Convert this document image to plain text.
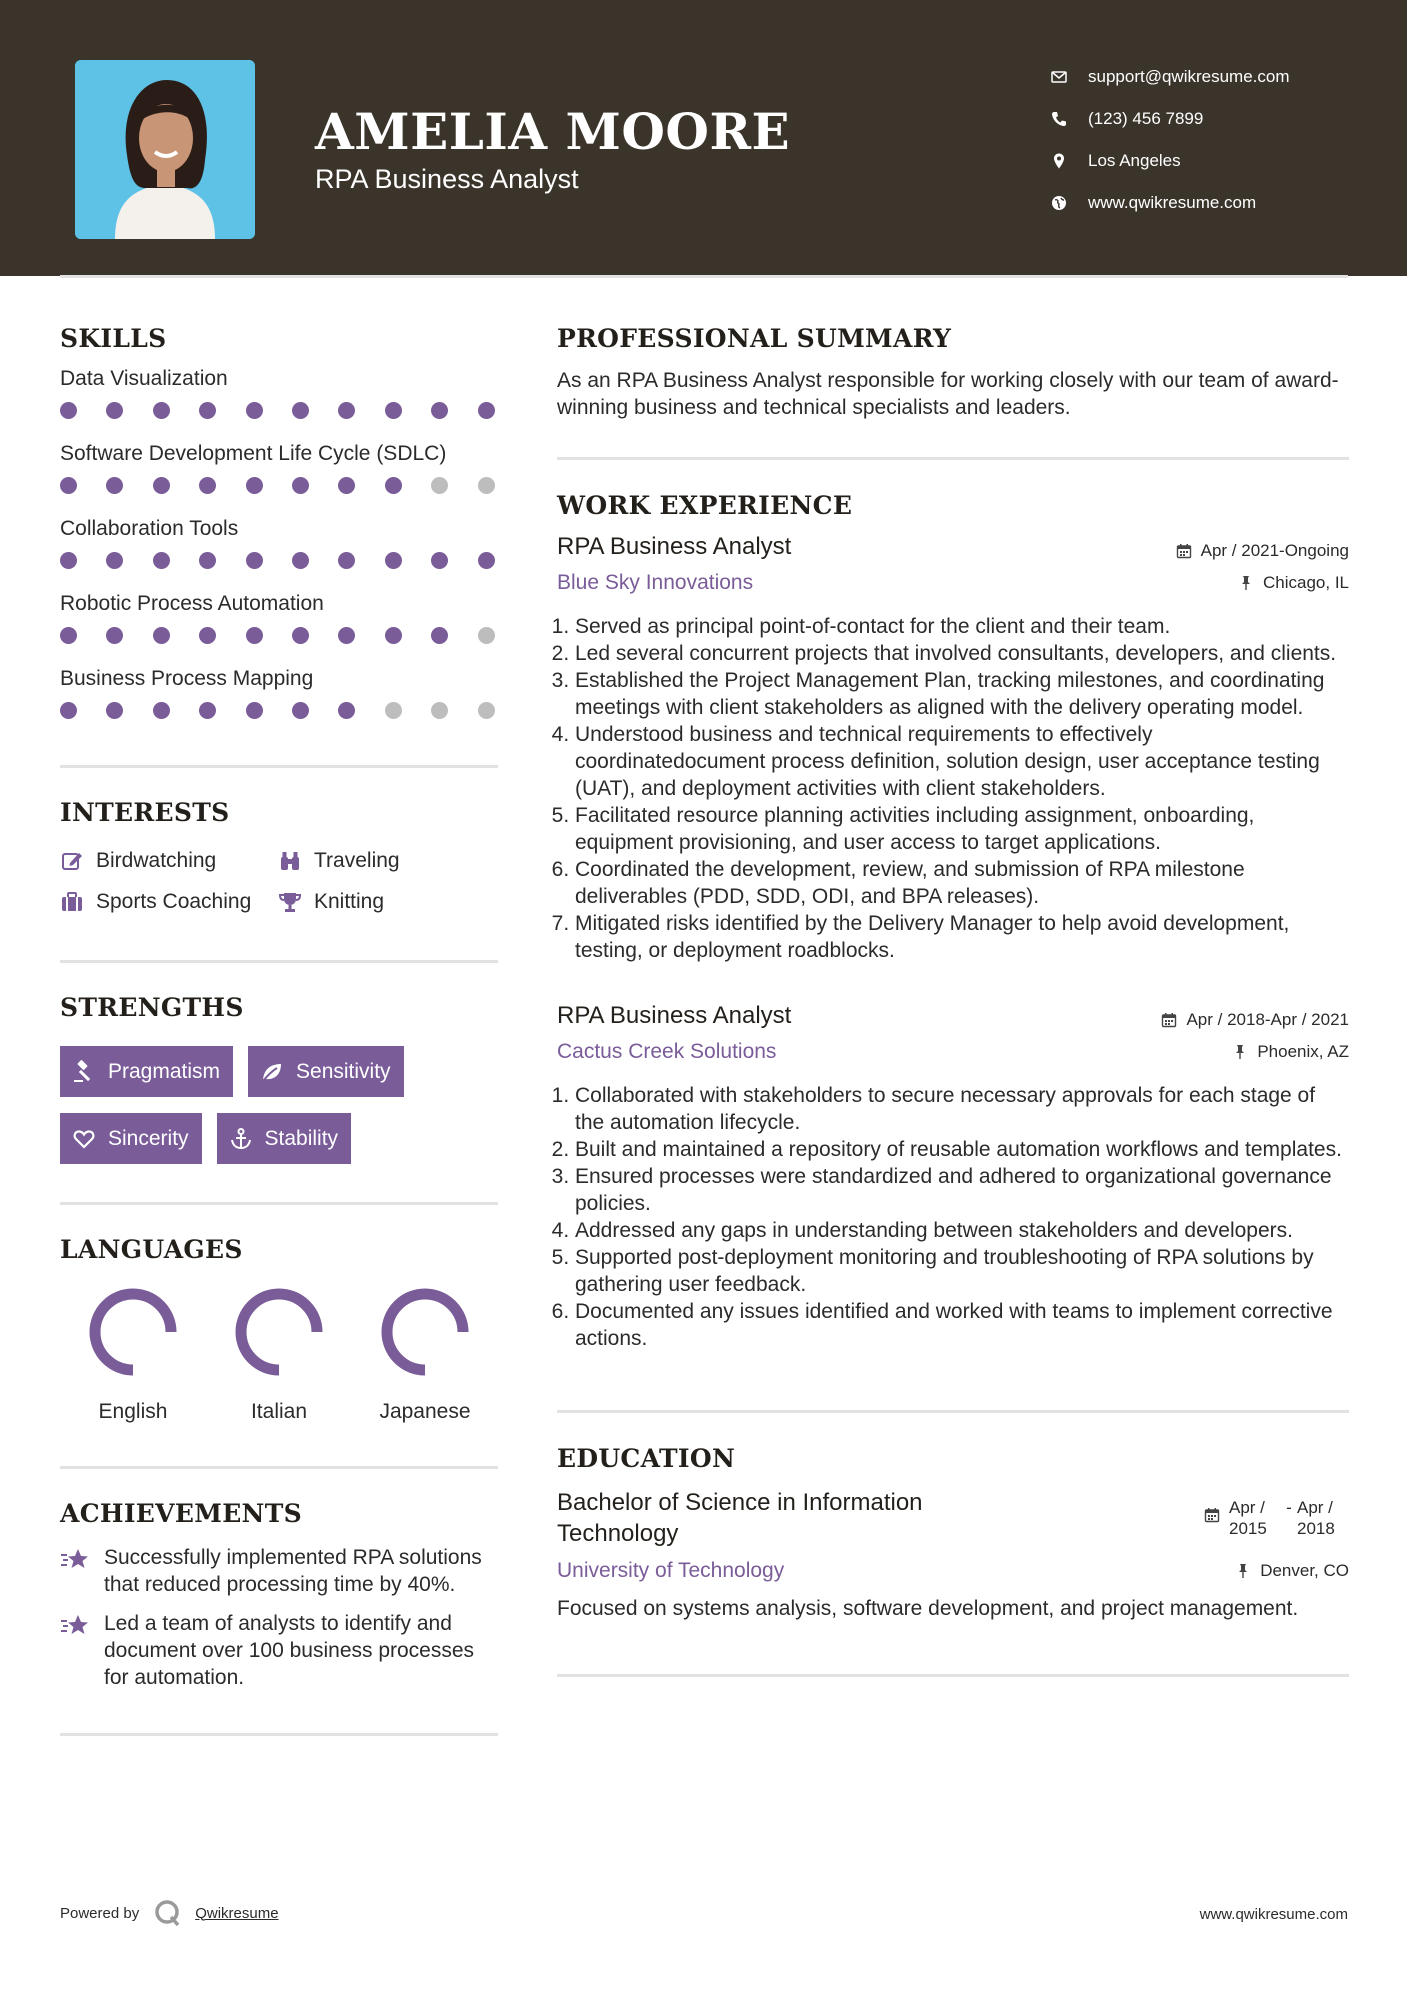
AMELIA MOORE
RPA Business Analyst
support@qwikresume.com
(123) 456 7899
Los Angeles
www.qwikresume.com
SKILLS
Data Visualization
Software Development Life Cycle (SDLC)
Collaboration Tools
Robotic Process Automation
Business Process Mapping
INTERESTS
Birdwatching	Traveling
Sports Coaching	Knitting
STRENGTHS
Pragmatism	Sensitivity
Sincerity	Stability
LANGUAGES
English	Italian	Japanese
ACHIEVEMENTS
Successfully implemented RPA solutions that reduced processing time by 40%.
Led a team of analysts to identify and document over 100 business processes for automation.
PROFESSIONAL SUMMARY
As an RPA Business Analyst responsible for working closely with our team of award-winning business and technical specialists and leaders.
WORK EXPERIENCE
RPA Business Analyst	Apr / 2021-Ongoing
Blue Sky Innovations	Chicago, IL
1. Served as principal point-of-contact for the client and their team.
2. Led several concurrent projects that involved consultants, developers, and clients.
3. Established the Project Management Plan, tracking milestones, and coordinating meetings with client stakeholders as aligned with the delivery operating model.
4. Understood business and technical requirements to effectively coordinatedocument process definition, solution design, user acceptance testing (UAT), and deployment activities with client stakeholders.
5. Facilitated resource planning activities including assignment, onboarding, equipment provisioning, and user access to target applications.
6. Coordinated the development, review, and submission of RPA milestone deliverables (PDD, SDD, ODI, and BPA releases).
7. Mitigated risks identified by the Delivery Manager to help avoid development, testing, or deployment roadblocks.
RPA Business Analyst	Apr / 2018-Apr / 2021
Cactus Creek Solutions	Phoenix, AZ
1. Collaborated with stakeholders to secure necessary approvals for each stage of the automation lifecycle.
2. Built and maintained a repository of reusable automation workflows and templates.
3. Ensured processes were standardized and adhered to organizational governance policies.
4. Addressed any gaps in understanding between stakeholders and developers.
5. Supported post-deployment monitoring and troubleshooting of RPA solutions by gathering user feedback.
6. Documented any issues identified and worked with teams to implement corrective actions.
EDUCATION
Bachelor of Science in Information Technology
Apr / 2015
- Apr / 2018
University of Technology	Denver, CO
Focused on systems analysis, software development, and project management.
Powered by	Qwikresume	www.qwikresume.com
